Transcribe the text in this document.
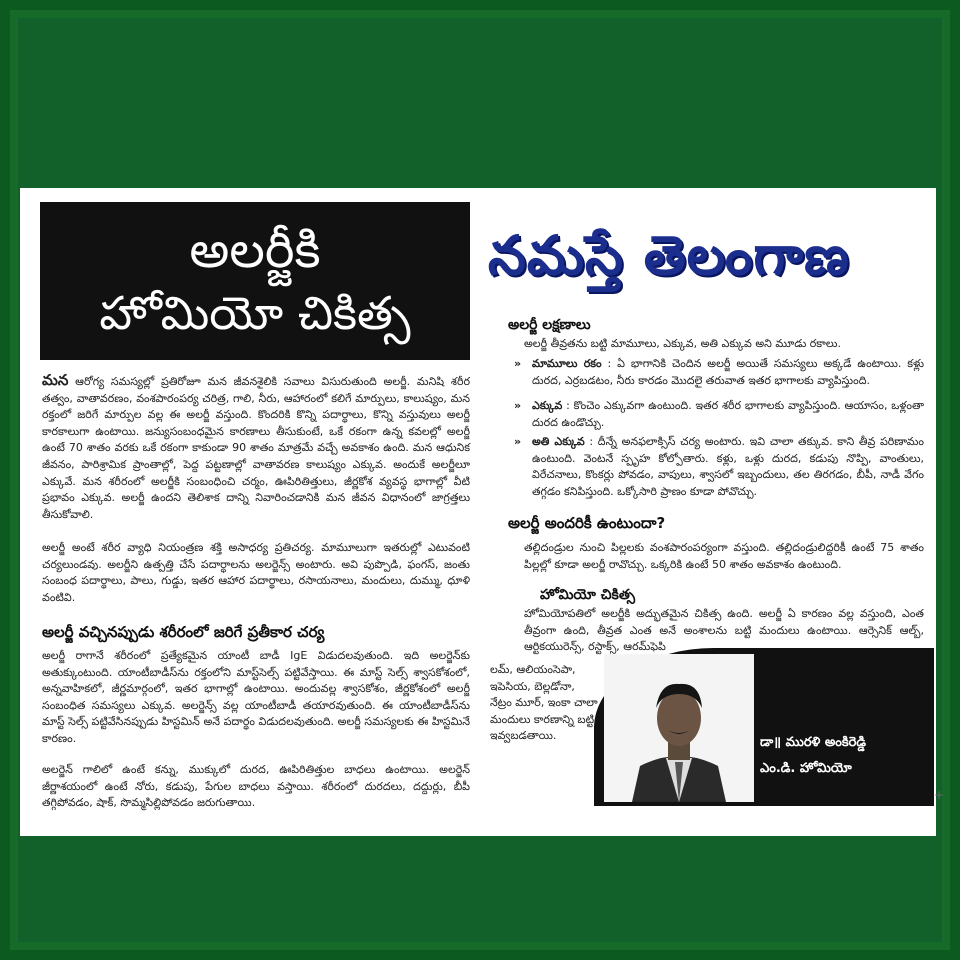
అలర్జీకి
హోమియో చికిత్స

మన ఆరోగ్య సమస్యల్లో ప్రతిరోజూ మన జీవనశైలికి సవాలు విసురుతుంది అలర్జీ. మనిషి శరీర తత్వం, వాతావరణం, వంశపారంపర్య చరిత్ర, గాలి, నీరు, ఆహారంలో కలిగే మార్పులు, కాలుష్యం, మన రక్తంలో జరిగే మార్పుల వల్ల ఈ అలర్జీ వస్తుంది. కొందరికి కొన్ని పదార్థాలు, కొన్ని వస్తువులు అలర్జీ కారకాలుగా ఉంటాయి. జన్యుసంబంధమైన కారణాలు తీసుకుంటే, ఒకే రకంగా ఉన్న కవలల్లో అలర్జీ ఉంటే 70 శాతం వరకు ఒకే రకంగా కాకుండా 90 శాతం మాత్రమే వచ్చే అవకాశం ఉంది. మన ఆధునిక జీవనం, పారిశ్రామిక ప్రాంతాల్లో, పెద్ద పట్టణాల్లో వాతావరణ కాలుష్యం ఎక్కువ. అందుకే అలర్జీలూ ఎక్కువే. మన శరీరంలో అలర్జీకి సంబంధించి చర్మం, ఊపిరితిత్తులు, జీర్ణకోశ వ్యవస్థ భాగాల్లో వీటి ప్రభావం ఎక్కువ. అలర్జీ ఉందని తెలిశాక దాన్ని నివారించడానికి మన జీవన విధానంలో జాగ్రత్తలు తీసుకోవాలి.

అలర్జీ అంటే శరీర వ్యాధి నియంత్రణ శక్తి అసాధర్య ప్రతిచర్య. మామూలుగా ఇతరుల్లో ఎటువంటి చర్యలుండవు. అలర్జీని ఉత్పత్తి చేసే పదార్థాలను అలర్జెన్స్ అంటారు. అవి పుప్పొడి, ఫంగస్, జంతు సంబంధ పదార్థాలు, పాలు, గుడ్డు, ఇతర ఆహార పదార్థాలు, రసాయనాలు, మందులు, దుమ్ము, ధూళి వంటివి.

అలర్జీ వచ్చినప్పుడు శరీరంలో జరిగే ప్రతీకార చర్య

అలర్జీ రాగానే శరీరంలో ప్రత్యేకమైన యాంటీ బాడీ IgE విడుదలవుతుంది. ఇది అలర్జెన్‌కు అతుక్కుంటుంది. యాంటీబాడీస్‌ను రక్తంలోని మాస్ట్‌సెల్స్ పట్టివేస్తాయి. ఈ మాస్ట్ సెల్స్ శ్వాసకోశంలో, అన్నవాహికలో, జీర్ణమార్గంలో, ఇతర భాగాల్లో ఉంటాయి. అందువల్ల శ్వాసకోశం, జీర్ణకోశంలో అలర్జీ సంబంధిత సమస్యలు ఎక్కువ. అలర్జెన్స్ వల్ల యాంటీబాడీ తయారవుతుంది. ఈ యాంటీబాడీస్‌ను మాస్ట్ సెల్స్ పట్టివేసినప్పుడు హిస్టమిన్ అనే పదార్థం విడుదలవుతుంది. అలర్జీ సమస్యలకు ఈ హిస్టమినే కారణం.

అలర్జెన్ గాలిలో ఉంటే కన్ను, ముక్కులో దురద, ఊపిరితిత్తుల బాధలు ఉంటాయి. అలర్జెన్ జీర్ణాశయంలో ఉంటే నోరు, కడుపు, పేగుల బాధలు వస్తాయి. శరీరంలో దురదలు, దద్దుర్లు, బీపీ తగ్గిపోవడం, షాక్, సొమ్మసిల్లిపోవడం జరుగుతాయి.

నమస్తే తెలంగాణ
అలర్జీ లక్షణాలు
అలర్జీ తీవ్రతను బట్టి మామూలు, ఎక్కువ, అతి ఎక్కువ అని మూడు రకాలు.
» మామూలు రకం : ఏ భాగానికి చెందిన అలర్జీ అయితే సమస్యలు అక్కడే ఉంటాయి. కళ్లు దురద, ఎర్రబడటం, నీరు కారడం మొదలై తరువాత ఇతర భాగాలకు వ్యాపిస్తుంది.
» ఎక్కువ : కొంచెం ఎక్కువగా ఉంటుంది. ఇతర శరీర భాగాలకు వ్యాపిస్తుంది. ఆయాసం, ఒళ్లంతా దురద ఉండొచ్చు.
» అతి ఎక్కువ : దీన్నే అనఫలాక్సిస్ చర్య అంటారు. ఇవి చాలా తక్కువ. కాని తీవ్ర పరిణామం ఉంటుంది. వెంటనే స్పృహ కోల్పోతారు. కళ్లు, ఒళ్లు దురద, కడుపు నొప్పి, వాంతులు, విరేచనాలు, కొంకర్లు పోవడం, వాపులు, శ్వాసలో ఇబ్బందులు, తల తిరగడం, బీపీ, నాడీ వేగం తగ్గడం కనిపిస్తుంది. ఒక్కోసారి ప్రాణం కూడా పోవొచ్చు.
అలర్జీ అందరికీ ఉంటుందా?
తల్లిదండ్రుల నుంచి పిల్లలకు వంశపారంపర్యంగా వస్తుంది. తల్లిదండ్రులిద్దరికీ ఉంటే 75 శాతం పిల్లల్లో కూడా అలర్జీ రావొచ్చు. ఒక్కరికి ఉంటే 50 శాతం అవకాశం ఉంటుంది.
హోమియో చికిత్స
హోమియోపతిలో అలర్జీకి అద్భుతమైన చికిత్స ఉంది. అలర్జీ ఏ కారణం వల్ల వస్తుంది, ఎంత తీవ్రంగా ఉంది, తీవ్రత ఎంత అనే అంశాలను బట్టి మందులు ఉంటాయి. ఆర్సెనిక్ ఆల్బ్, ఆర్టికయురెన్స్, రస్టాక్స్, ఆరమ్‌ఫెపి
లమ్, ఆలియంసెపా, ఇపెసియ, బెల్లడోనా, నేట్రం మూర్, ఇంకా చాలా మందులు కారణాన్ని బట్టి ఇవ్వబడతాయి.	డా॥ మురళి అంకిరెడ్డి
ఎం.డి. హోమియో
+
